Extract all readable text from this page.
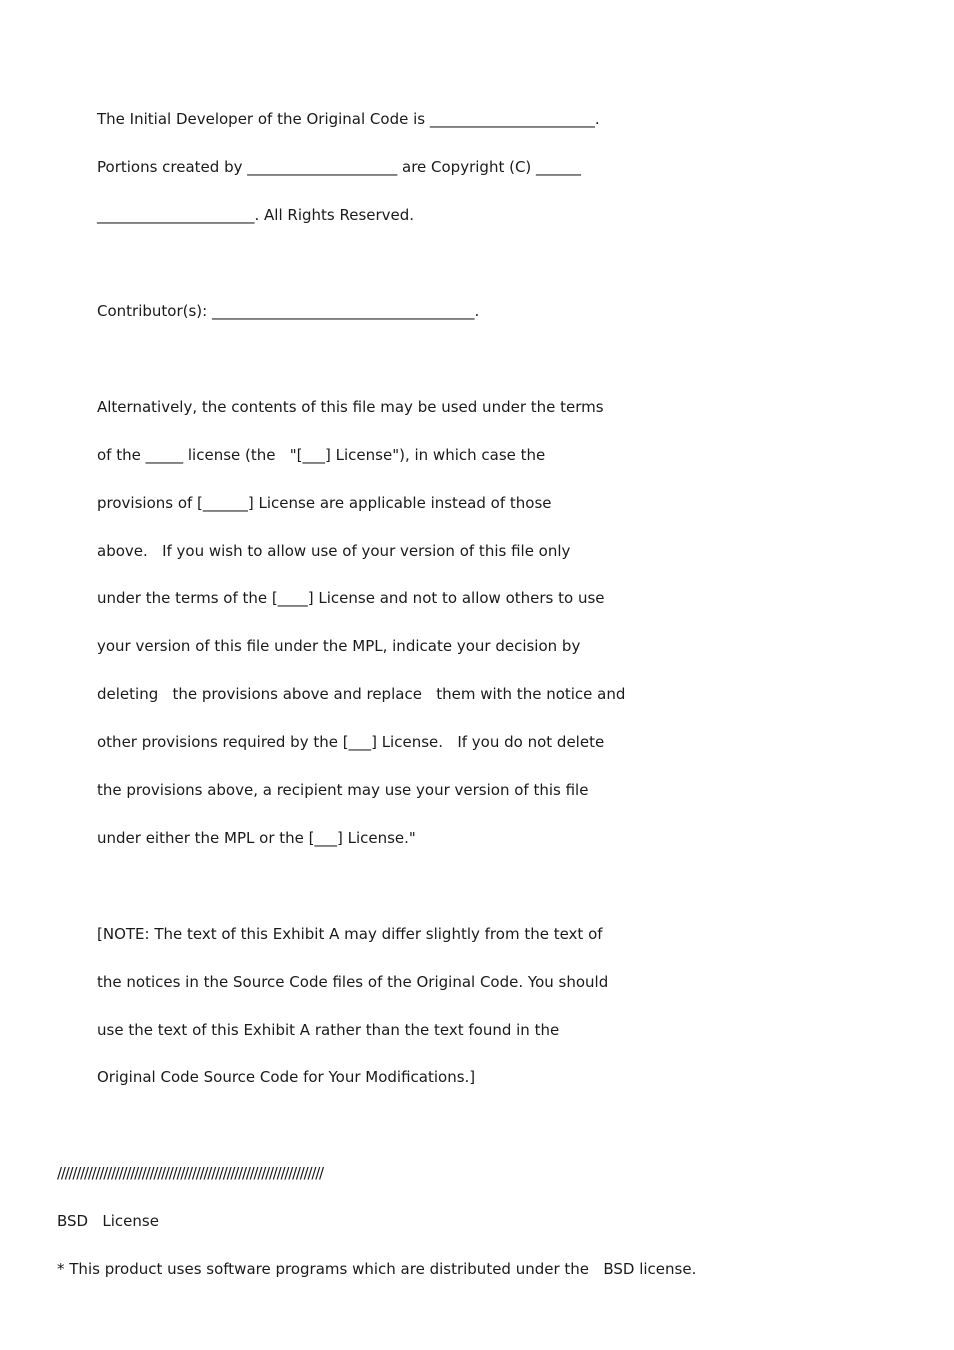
The Initial Developer of the Original Code is ______________________.
Portions created by ____________________ are Copyright (C) ______
_____________________. All Rights Reserved.
Contributor(s): ___________________________________.
Alternatively, the contents of this file may be used under the terms
of the _____ license (the   "[___] License"), in which case the
provisions of [______] License are applicable instead of those
above.   If you wish to allow use of your version of this file only
under the terms of the [____] License and not to allow others to use
your version of this file under the MPL, indicate your decision by
deleting   the provisions above and replace   them with the notice and
other provisions required by the [___] License.   If you do not delete
the provisions above, a recipient may use your version of this file
under either the MPL or the [___] License."
[NOTE: The text of this Exhibit A may differ slightly from the text of
the notices in the Source Code files of the Original Code. You should
use the text of this Exhibit A rather than the text found in the
Original Code Source Code for Your Modifications.]
/////////////////////////////////////////////////////////////////////
BSD   License
* This product uses software programs which are distributed under the   BSD license.
